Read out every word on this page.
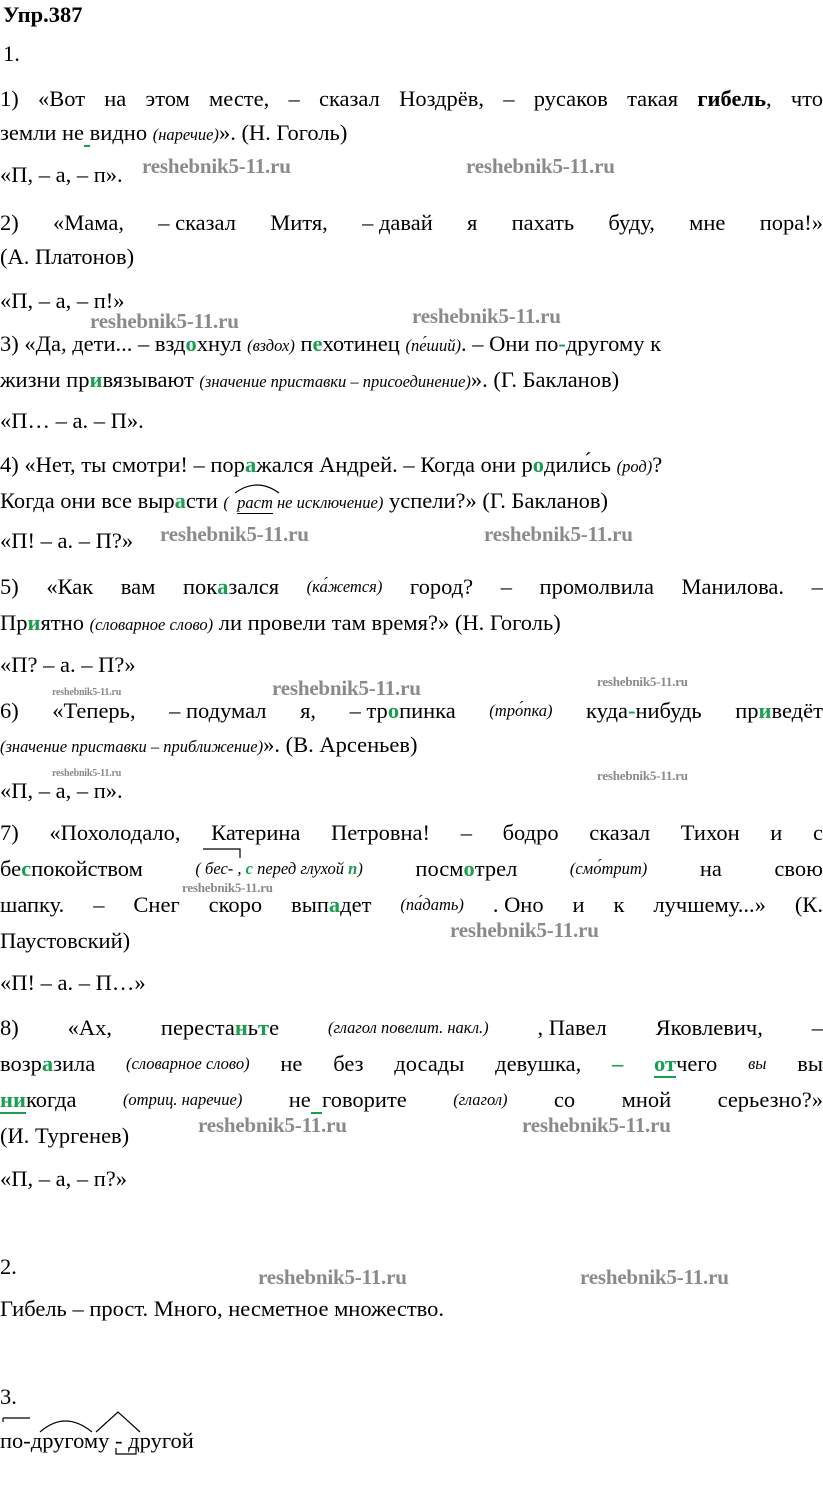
Упр.387
1.
1) «Вот на этом месте, – сказал Ноздрёв, – русаков такая гибель, что
земли не видно (наречие)». (Н. Гоголь)
«П, – а, – п».
2) «Мама, – сказал Митя, – давай я пахать буду, мне пора!»
(А. Платонов)
«П, – а, – п!»
3) «Да, дети... – вздохнул (вздох) пехотинец (пе́ший). – Они по-другому к
жизни привязывают (значение приставки – присоединение)». (Г. Бакланов)
«П… – а. – П».
4) «Нет, ты смотри! – поражался Андрей. – Когда они родили́сь (род)?
Когда они все вырасти (  раст
не исключение) успели?» (Г. Бакланов)
«П! – а. – П?»
5) «Как вам показался (ка́жется) город? – промолвила Манилова. –
Приятно (словарное слово) ли провели там время?» (Н. Гоголь)
«П? – а. – П?»
6) «Теперь, – подумал я, – тропинка (тро́пка) куда-нибудь приведёт
(значение приставки – приближение)». (В. Арсеньев)
«П, – а, – п».
7) «Похолодало, Катерина Петровна! – бодро сказал Тихон и с
беспокойством	( бес-
, с перед глухой п) посмотрел	(смо́трит) на свою
шапку. – Снег скоро выпадет (па́дать) . Оно и к лучшему...» (К.
Паустовский)
«П! – а. – П…»
8) «Ах, перестаньте	(глагол повелит. накл.) , Павел Яковлевич, –
возразила (словарное слово) не без досады девушка, – отчего вы вы
никогда	(отриц. наречие) не говорите	(глагол) со мной серьезно?»
(И. Тургенев)
«П, – а, – п?»
2.
Гибель – прост. Много, несметное множество.
3.
по-другому
- другой
reshebnik5-11.ru	reshebnik5-11.ru
reshebnik5-11.ru	reshebnik5-11.ru
reshebnik5-11.ru	reshebnik5-11.ru
reshebnik5-11.ru	reshebnik5-11.ru	reshebnik5-11.ru
reshebnik5-11.ru	reshebnik5-11.ru
reshebnik5-11.ru
reshebnik5-11.ru
reshebnik5-11.ru	reshebnik5-11.ru
reshebnik5-11.ru	reshebnik5-11.ru
